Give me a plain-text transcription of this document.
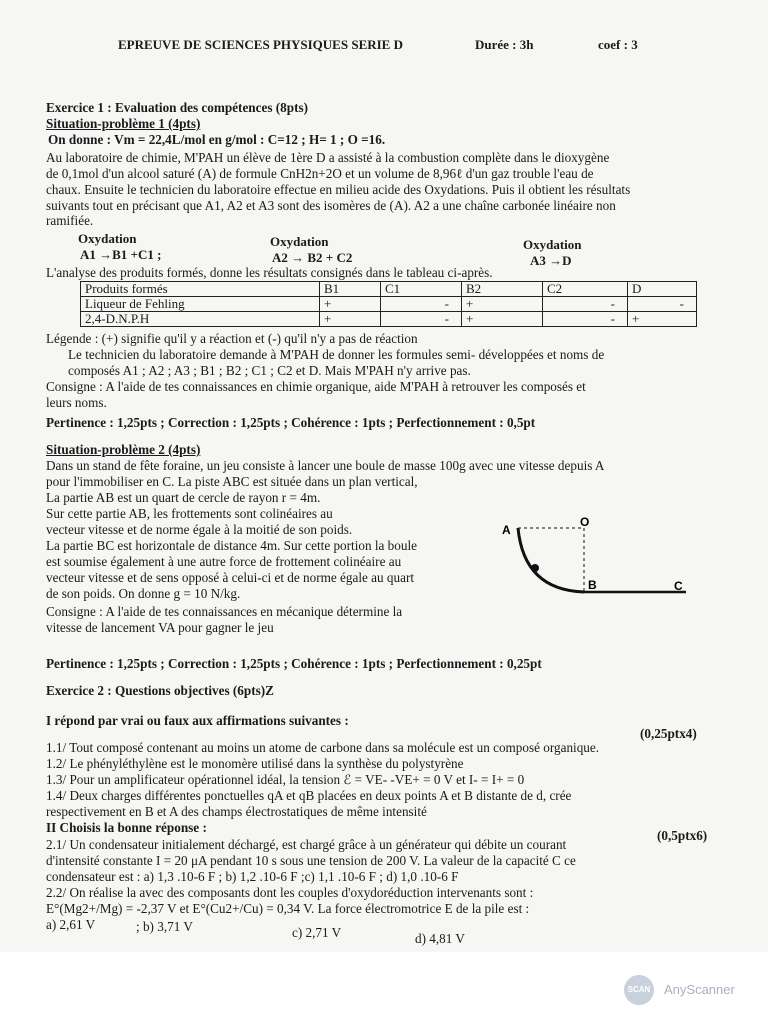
EPREUVE DE SCIENCES PHYSIQUES SERIE D	Durée : 3h	coef : 3
Exercice 1 : Evaluation des compétences (8pts)
Situation-problème 1 (4pts)
On donne : Vm = 22,4L/mol en g/mol : C=12 ; H= 1 ; O =16.
Au laboratoire de chimie, M'PAH un élève de 1ère D a assisté à la combustion complète dans le dioxygène
de 0,1mol d'un alcool saturé (A) de formule CnH2n+2O et un volume de 8,96ℓ d'un gaz trouble l'eau de
chaux. Ensuite le technicien du laboratoire effectue en milieu acide des Oxydations. Puis il obtient les résultats
suivants tout en précisant que A1, A2 et A3 sont des isomères de (A). A2 a une chaîne carbonée linéaire non
ramifiée.
Oxydation
A1 →B1 +C1 ;
Oxydation
A2 → B2 + C2
Oxydation
A3 →D
L'analyse des produits formés, donne les résultats consignés dans le tableau ci-après.
Produits formés	B1	C1	B2	C2	D
Liqueur de Fehling	+	-	+	-	-
2,4-D.N.P.H	+	-	+	-	+
Légende : (+) signifie qu'il y a réaction et (-) qu'il n'y a pas de réaction
Le technicien du laboratoire demande à M'PAH de donner les formules semi- développées et noms de
composés A1 ; A2 ; A3 ; B1 ; B2 ; C1 ; C2 et D. Mais M'PAH n'y arrive pas.
Consigne : A l'aide de tes connaissances en chimie organique, aide M'PAH à retrouver les composés et
leurs noms.
Pertinence : 1,25pts ; Correction : 1,25pts ; Cohérence : 1pts ; Perfectionnement : 0,5pt
Situation-problème 2 (4pts)
Dans un stand de fête foraine, un jeu consiste à lancer une boule de masse 100g avec une vitesse depuis A
pour l'immobiliser en C. La piste ABC est située dans un plan vertical,
La partie AB est un quart de cercle de rayon r = 4m.
Sur cette partie AB, les frottements sont colinéaires au
vecteur vitesse et de norme égale à la moitié de son poids.
La partie BC est horizontale de distance 4m. Sur cette portion la boule
est soumise également à une autre force de frottement colinéaire au
vecteur vitesse et de sens opposé à celui-ci et de norme égale au quart
de son poids. On donne g = 10 N/kg.
Consigne : A l'aide de tes connaissances en mécanique détermine la
vitesse de lancement VA pour gagner le jeu
A
O
B	C
Pertinence : 1,25pts ; Correction : 1,25pts ; Cohérence : 1pts ; Perfectionnement : 0,25pt
Exercice 2 : Questions objectives (6pts)Z
I répond par vrai ou faux aux affirmations suivantes :
(0,25ptx4)
1.1/ Tout composé contenant au moins un atome de carbone dans sa molécule est un composé organique.
1.2/ Le phényléthylène est le monomère utilisé dans la synthèse du polystyrène
1.3/ Pour un amplificateur opérationnel idéal, la tension ℰ = VE- -VE+ = 0 V et I- = I+ = 0
1.4/ Deux charges différentes ponctuelles qA et qB placées en deux points A et B distante de d, crée
respectivement en B et A des champs électrostatiques de même intensité
II Choisis la bonne réponse :
(0,5ptx6)
2.1/ Un condensateur initialement déchargé, est chargé grâce à un générateur qui débite un courant
d'intensité constante I = 20 μA pendant 10 s sous une tension de 200 V. La valeur de la capacité C ce
condensateur est : a) 1,3 .10-6 F ; b) 1,2 .10-6 F ;c) 1,1 .10-6 F ; d) 1,0 .10-6 F
2.2/ On réalise la avec des composants dont les couples d'oxydoréduction intervenants sont :
E°(Mg2+/Mg) = -2,37 V et E°(Cu2+/Cu) = 0,34 V. La force électromotrice E de la pile est :
a) 2,61 V	; b) 3,71 V	c) 2,71 V	d) 4,81 V
SCAN AnyScanner
